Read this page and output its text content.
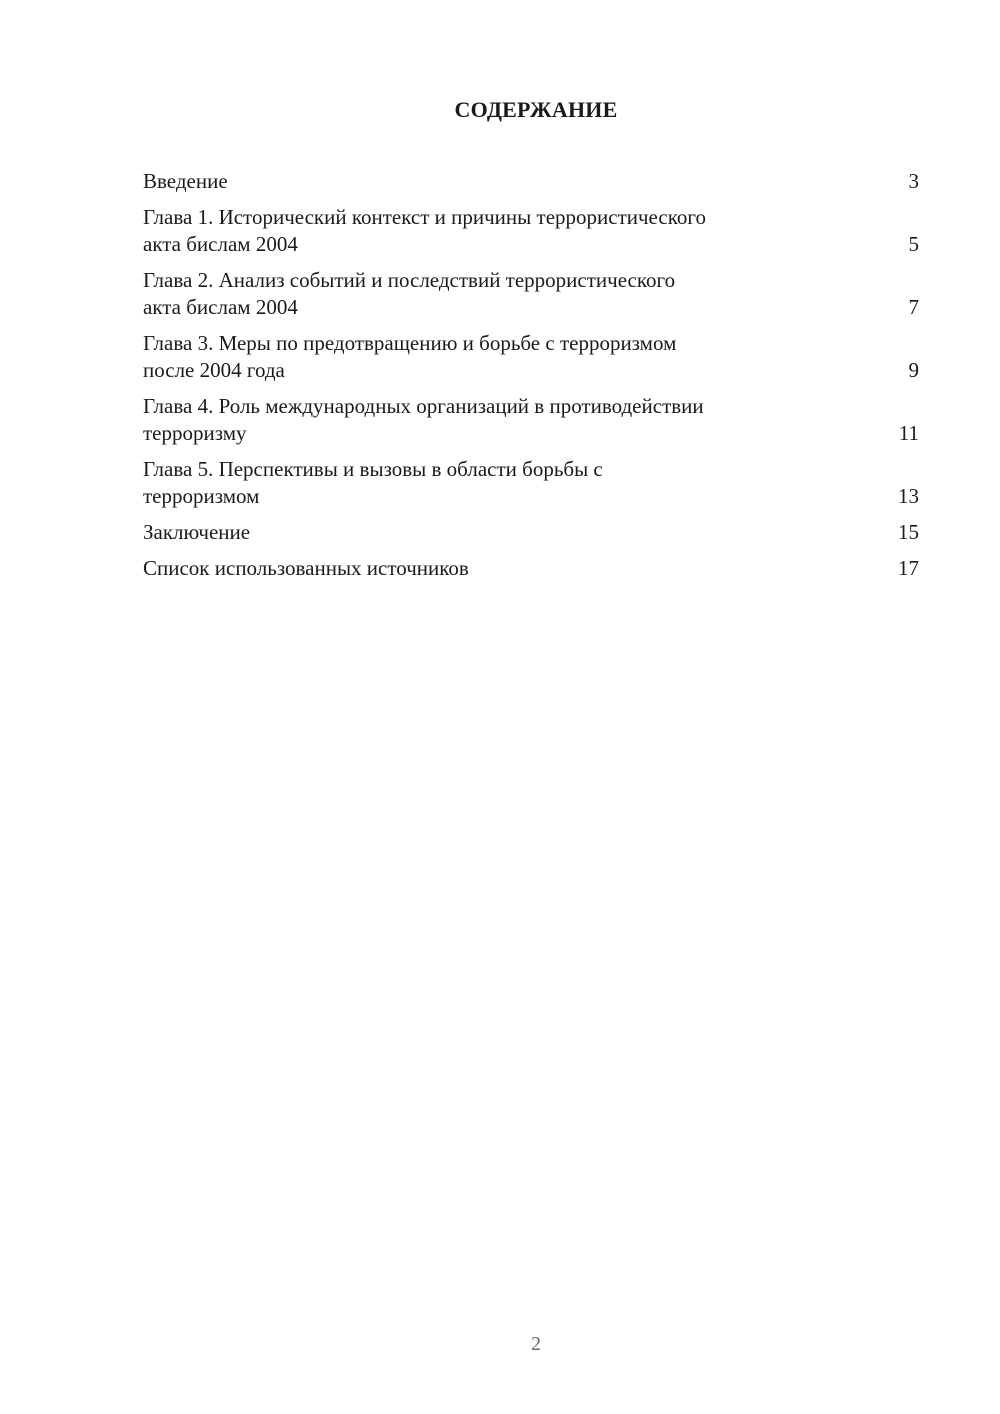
СОДЕРЖАНИЕ
Введение	3
Глава 1. Исторический контекст и причины террористического
акта бислам 2004	5
Глава 2. Анализ событий и последствий террористического
акта бислам 2004	7
Глава 3. Меры по предотвращению и борьбе с терроризмом
после 2004 года	9
Глава 4. Роль международных организаций в противодействии
терроризму	11
Глава 5. Перспективы и вызовы в области борьбы с
терроризмом	13
Заключение	15
Список использованных источников	17
2
